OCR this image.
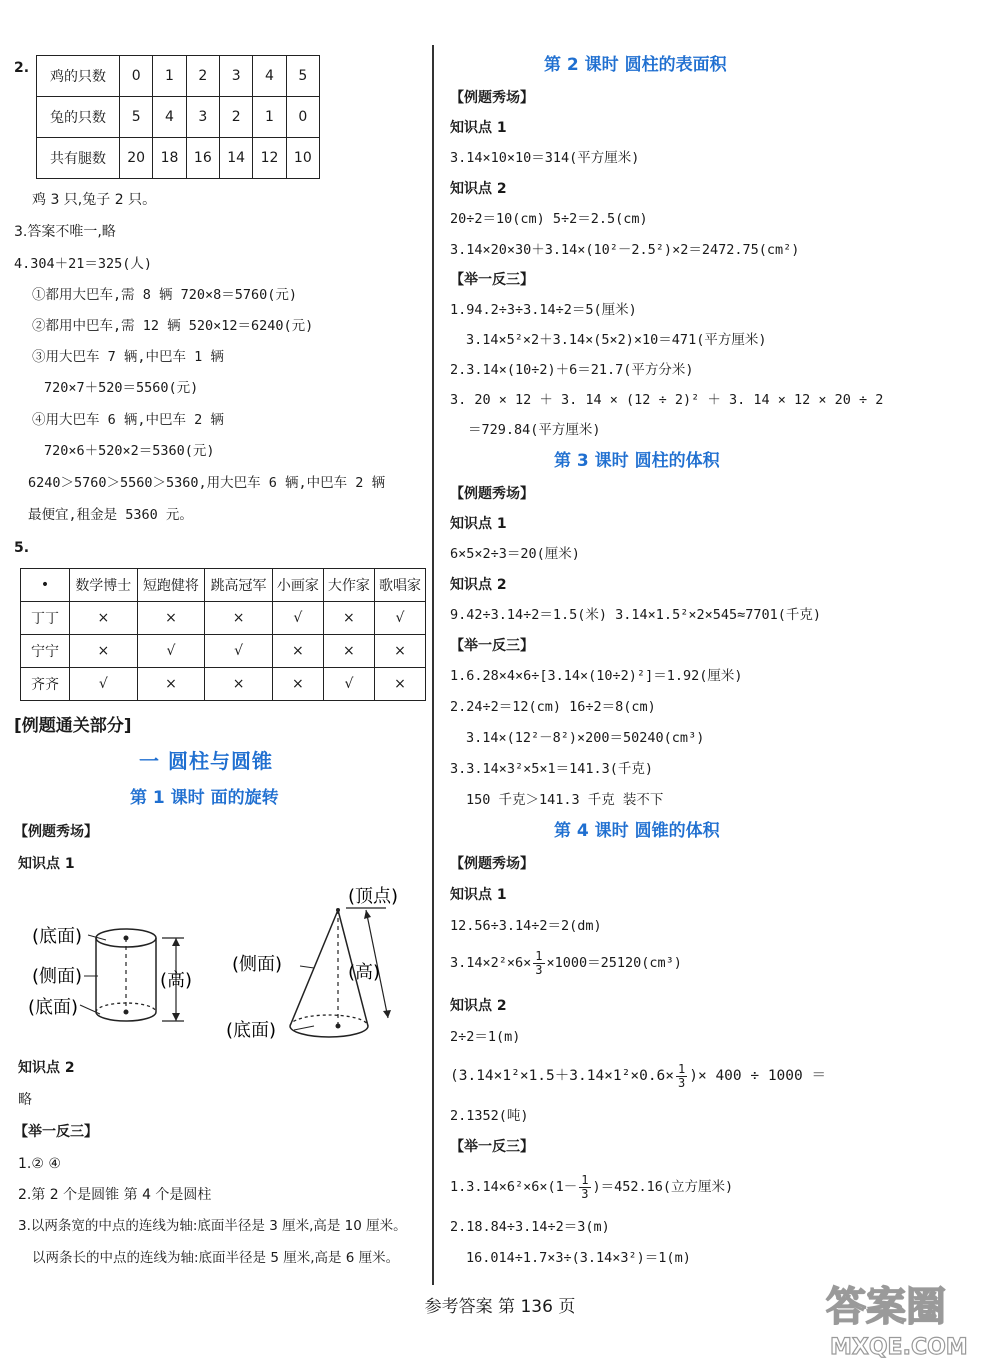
2.
鸡的只数	0	1	2	3	4	5
兔的只数	5	4	3	2	1	0
共有腿数	20	18	16	14	12	10
鸡 3 只,兔子 2 只。
3.答案不唯一,略
4.304＋21＝325(人)
①都用大巴车,需 8 辆 720×8＝5760(元)
②都用中巴车,需 12 辆 520×12＝6240(元)
③用大巴车 7 辆,中巴车 1 辆
720×7＋520＝5560(元)
④用大巴车 6 辆,中巴车 2 辆
720×6＋520×2＝5360(元)
6240＞5760＞5560＞5360,用大巴车 6 辆,中巴车 2 辆
最便宜,租金是 5360 元。
5.
•	数学博士	短跑健将	跳高冠军	小画家	大作家	歌唱家
丁丁	×	×	×	√	×	√
宁宁	×	√	√	×	×	×
齐齐	√	×	×	×	√	×
[例题通关部分]
一 圆柱与圆锥
第 1 课时 面的旋转
【例题秀场】
知识点 1
(底面)
(侧面)
(底面)
(高)
(顶点)
(侧面)	(高)
(底面)
知识点 2
略
【举一反三】
1.② ④
2.第 2 个是圆锥 第 4 个是圆柱
3.以两条宽的中点的连线为轴:底面半径是 3 厘米,高是 10 厘米。
以两条长的中点的连线为轴:底面半径是 5 厘米,高是 6 厘米。
第 2 课时 圆柱的表面积
【例题秀场】
知识点 1
3.14×10×10＝314(平方厘米)
知识点 2
20÷2＝10(cm) 5÷2＝2.5(cm)
3.14×20×30＋3.14×(10²－2.5²)×2＝2472.75(cm²)
【举一反三】
1.94.2÷3÷3.14÷2＝5(厘米)
3.14×5²×2＋3.14×(5×2)×10＝471(平方厘米)
2.3.14×(10÷2)＋6＝21.7(平方分米)
3. 20 × 12 ＋ 3. 14 × (12 ÷ 2)² ＋ 3. 14 × 12 × 20 ÷ 2
＝729.84(平方厘米)
第 3 课时 圆柱的体积
【例题秀场】
知识点 1
6×5×2÷3＝20(厘米)
知识点 2
9.42÷3.14÷2＝1.5(米) 3.14×1.5²×2×545≈7701(千克)
【举一反三】
1.6.28×4×6÷[3.14×(10÷2)²]＝1.92(厘米)
2.24÷2＝12(cm) 16÷2＝8(cm)
3.14×(12²－8²)×200＝50240(cm³)
3.3.14×3²×5×1＝141.3(千克)
150 千克＞141.3 千克 装不下
第 4 课时 圆锥的体积
【例题秀场】
知识点 1
12.56÷3.14÷2＝2(dm)
$3.14\times 2^2\times 6\times \frac{1}{3} \times 1000=25120(cm^3)$
知识点 2
2÷2＝1(m)
($3.14\times 1^2\times 1.5+3.14\times 1^2\times 0.6\times \frac{1}{3}$ )× 400 ÷ 1000 ＝
2.1352(吨)
【举一反三】
$1.3.14\times 6^2\times 6\times(1- \frac{1}{3} )=452.16$(立方厘米)
2.18.84÷3.14÷2＝3(m)
16.014÷1.7×3÷(3.14×3²)＝1(m)
参考答案 第 136 页	答案圈
MXQE.COM
